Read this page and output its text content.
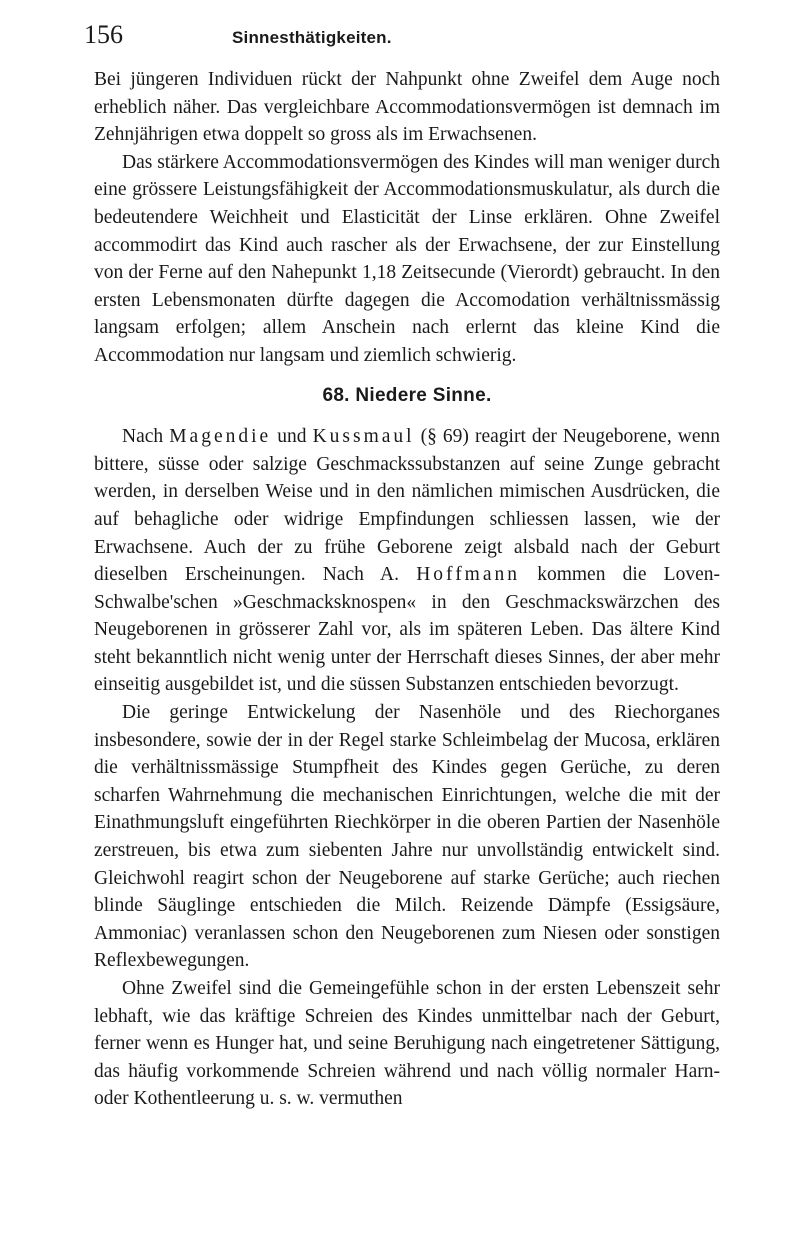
156	Sinnesthätigkeiten.

Bei jüngeren Individuen rückt der Nahpunkt ohne Zweifel dem Auge noch erheblich näher. Das vergleichbare Accommodationsvermögen ist demnach im Zehnjährigen etwa doppelt so gross als im Erwachsenen.

Das stärkere Accommodationsvermögen des Kindes will man weniger durch eine grössere Leistungsfähigkeit der Accommodationsmuskulatur, als durch die bedeutendere Weichheit und Elasticität der Linse erklären. Ohne Zweifel accommodirt das Kind auch rascher als der Erwachsene, der zur Einstellung von der Ferne auf den Nahepunkt 1,18 Zeitsecunde (Vierordt) gebraucht. In den ersten Lebensmonaten dürfte dagegen die Accomodation verhältnissmässig langsam erfolgen; allem Anschein nach erlernt das kleine Kind die Accommodation nur langsam und ziemlich schwierig.

68. Niedere Sinne.

Nach Magendie und Kussmaul (§ 69) reagirt der Neugeborene, wenn bittere, süsse oder salzige Geschmackssubstanzen auf seine Zunge gebracht werden, in derselben Weise und in den nämlichen mimischen Ausdrücken, die auf behagliche oder widrige Empfindungen schliessen lassen, wie der Erwachsene. Auch der zu frühe Geborene zeigt alsbald nach der Geburt dieselben Erscheinungen. Nach A. Hoffmann kommen die Loven-Schwalbe'schen »Geschmacksknospen« in den Geschmackswärzchen des Neugeborenen in grösserer Zahl vor, als im späteren Leben. Das ältere Kind steht bekanntlich nicht wenig unter der Herrschaft dieses Sinnes, der aber mehr einseitig ausgebildet ist, und die süssen Substanzen entschieden bevorzugt.

Die geringe Entwickelung der Nasenhöle und des Riechorganes insbesondere, sowie der in der Regel starke Schleimbelag der Mucosa, erklären die verhältnissmässige Stumpfheit des Kindes gegen Gerüche, zu deren scharfen Wahrnehmung die mechanischen Einrichtungen, welche die mit der Einathmungsluft eingeführten Riechkörper in die oberen Partien der Nasenhöle zerstreuen, bis etwa zum siebenten Jahre nur unvollständig entwickelt sind. Gleichwohl reagirt schon der Neugeborene auf starke Gerüche; auch riechen blinde Säuglinge entschieden die Milch. Reizende Dämpfe (Essigsäure, Ammoniac) veranlassen schon den Neugeborenen zum Niesen oder sonstigen Reflexbewegungen.

Ohne Zweifel sind die Gemeingefühle schon in der ersten Lebenszeit sehr lebhaft, wie das kräftige Schreien des Kindes unmittelbar nach der Geburt, ferner wenn es Hunger hat, und seine Beruhigung nach eingetretener Sättigung, das häufig vorkommende Schreien während und nach völlig normaler Harn- oder Kothentleerung u. s. w. vermuthen
